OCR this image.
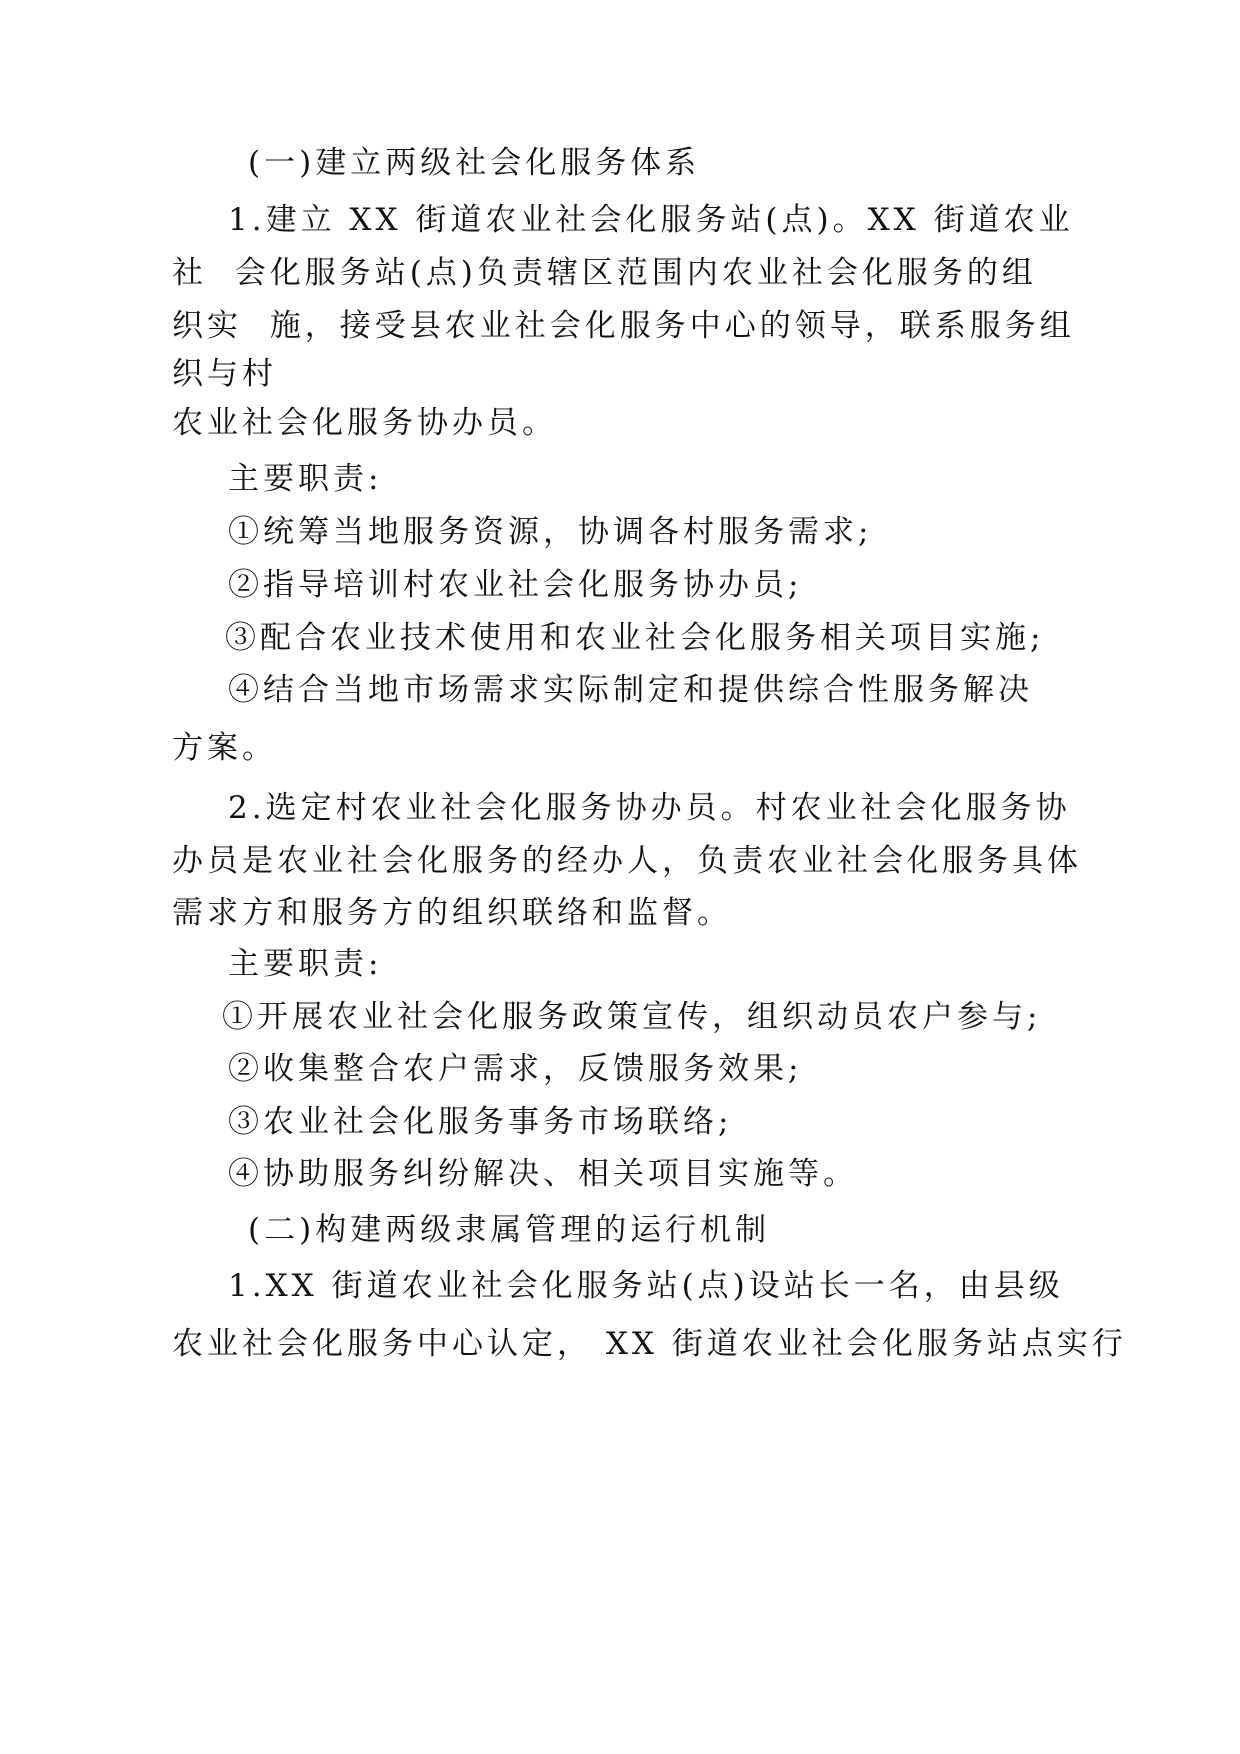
(一)建立两级社会化服务体系
1.建立 XX 街道农业社会化服务站(点)。XX 街道农业
社  会化服务站(点)负责辖区范围内农业社会化服务的组
织实  施，接受县农业社会化服务中心的领导，联系服务组
织与村
农业社会化服务协办员。
主要职责:
①统筹当地服务资源，协调各村服务需求;
②指导培训村农业社会化服务协办员;
③配合农业技术使用和农业社会化服务相关项目实施;
④结合当地市场需求实际制定和提供综合性服务解决
方案。
2.选定村农业社会化服务协办员。村农业社会化服务协
办员是农业社会化服务的经办人，负责农业社会化服务具体
需求方和服务方的组织联络和监督。
主要职责:
①开展农业社会化服务政策宣传，组织动员农户参与;
②收集整合农户需求，反馈服务效果;
③农业社会化服务事务市场联络;
④协助服务纠纷解决、相关项目实施等。
(二)构建两级隶属管理的运行机制
1.XX 街道农业社会化服务站(点)设站长一名，由县级
农业社会化服务中心认定， XX 街道农业社会化服务站点实行
